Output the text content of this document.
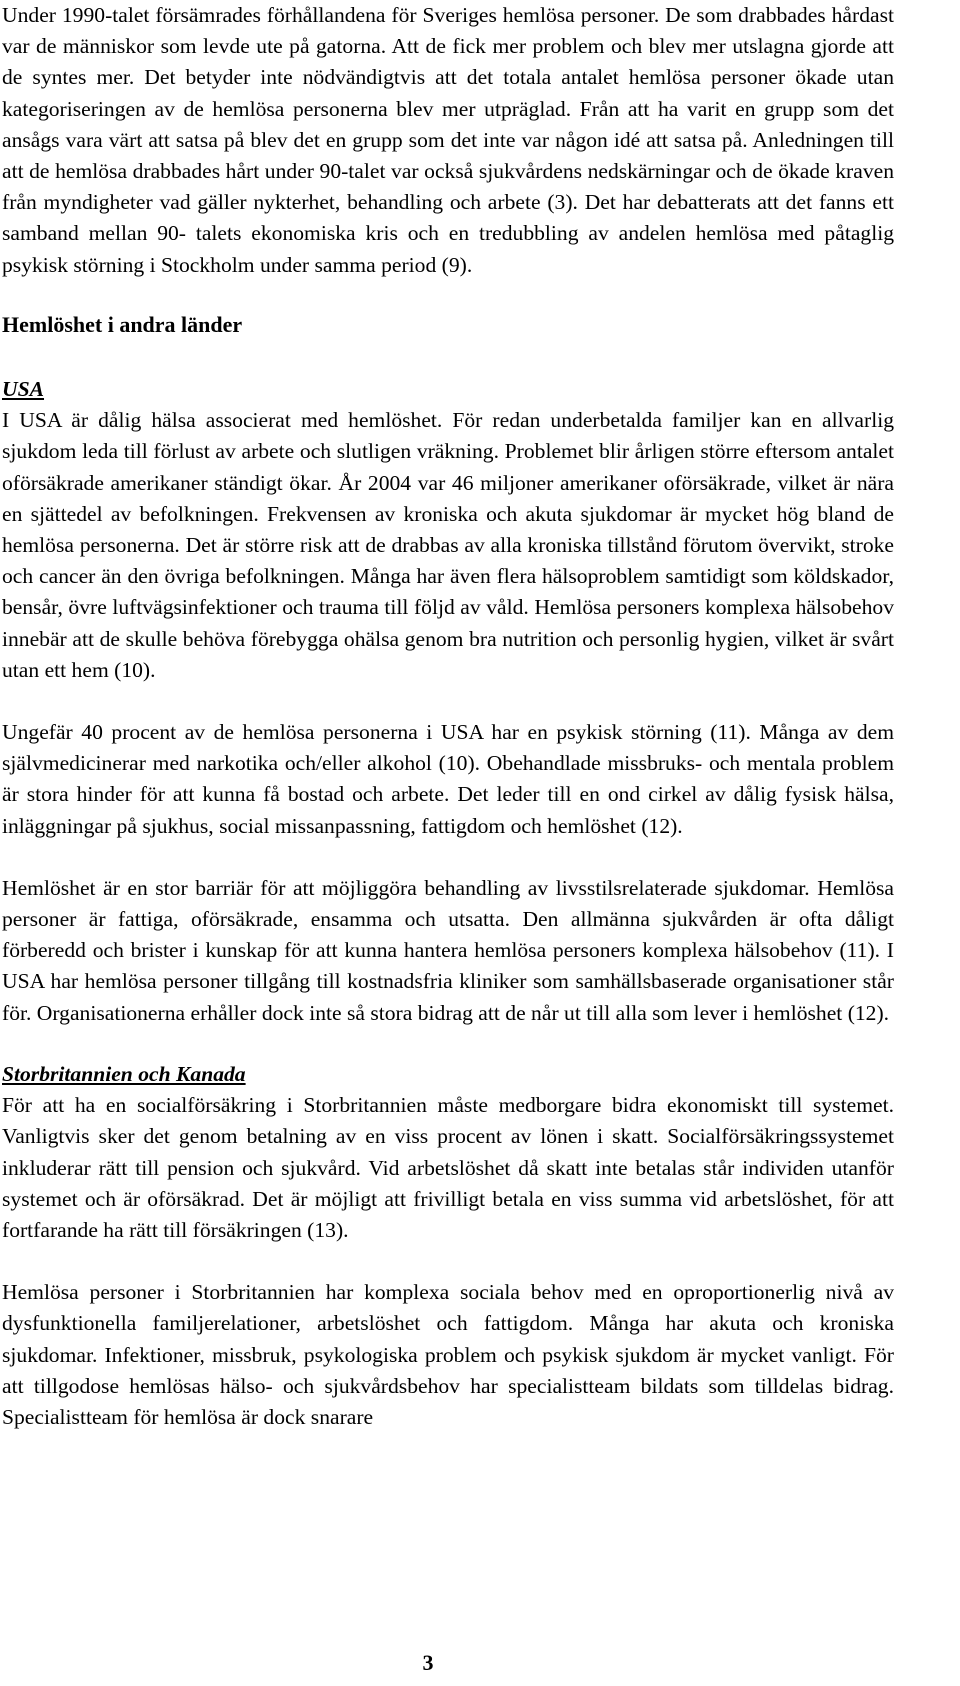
Under 1990-talet försämrades förhållandena för Sveriges hemlösa personer. De som drabbades hårdast var de människor som levde ute på gatorna. Att de fick mer problem och blev mer utslagna gjorde att de syntes mer. Det betyder inte nödvändigtvis att det totala antalet hemlösa personer ökade utan kategoriseringen av de hemlösa personerna blev mer utpräglad. Från att ha varit en grupp som det ansågs vara värt att satsa på blev det en grupp som det inte var någon idé att satsa på. Anledningen till att de hemlösa drabbades hårt under 90-talet var också sjukvårdens nedskärningar och de ökade kraven från myndigheter vad gäller nykterhet, behandling och arbete (3). Det har debatterats att det fanns ett samband mellan 90- talets ekonomiska kris och en tredubbling av andelen hemlösa med påtaglig psykisk störning i Stockholm under samma period (9).

Hemlöshet i andra länder
USA

I USA är dålig hälsa associerat med hemlöshet. För redan underbetalda familjer kan en allvarlig sjukdom leda till förlust av arbete och slutligen vräkning. Problemet blir årligen större eftersom antalet oförsäkrade amerikaner ständigt ökar. År 2004 var 46 miljoner amerikaner oförsäkrade, vilket är nära en sjättedel av befolkningen. Frekvensen av kroniska och akuta sjukdomar är mycket hög bland de hemlösa personerna. Det är större risk att de drabbas av alla kroniska tillstånd förutom övervikt, stroke och cancer än den övriga befolkningen. Många har även flera hälsoproblem samtidigt som köldskador, bensår, övre luftvägsinfektioner och trauma till följd av våld. Hemlösa personers komplexa hälsobehov innebär att de skulle behöva förebygga ohälsa genom bra nutrition och personlig hygien, vilket är svårt utan ett hem (10).

Ungefär 40 procent av de hemlösa personerna i USA har en psykisk störning (11). Många av dem självmedicinerar med narkotika och/eller alkohol (10). Obehandlade missbruks- och mentala problem är stora hinder för att kunna få bostad och arbete. Det leder till en ond cirkel av dålig fysisk hälsa, inläggningar på sjukhus, social missanpassning, fattigdom och hemlöshet (12).

Hemlöshet är en stor barriär för att möjliggöra behandling av livsstilsrelaterade sjukdomar. Hemlösa personer är fattiga, oförsäkrade, ensamma och utsatta. Den allmänna sjukvården är ofta dåligt förberedd och brister i kunskap för att kunna hantera hemlösa personers komplexa hälsobehov (11). I USA har hemlösa personer tillgång till kostnadsfria kliniker som samhällsbaserade organisationer står för. Organisationerna erhåller dock inte så stora bidrag att de når ut till alla som lever i hemlöshet (12).

Storbritannien och Kanada

För att ha en socialförsäkring i Storbritannien måste medborgare bidra ekonomiskt till systemet. Vanligtvis sker det genom betalning av en viss procent av lönen i skatt. Socialförsäkringssystemet inkluderar rätt till pension och sjukvård. Vid arbetslöshet då skatt inte betalas står individen utanför systemet och är oförsäkrad. Det är möjligt att frivilligt betala en viss summa vid arbetslöshet, för att fortfarande ha rätt till försäkringen (13).

Hemlösa personer i Storbritannien har komplexa sociala behov med en oproportionerlig nivå av dysfunktionella familjerelationer, arbetslöshet och fattigdom. Många har akuta och kroniska sjukdomar. Infektioner, missbruk, psykologiska problem och psykisk sjukdom är mycket vanligt. För att tillgodose hemlösas hälso- och sjukvårdsbehov har specialistteam bildats som tilldelas bidrag. Specialistteam för hemlösa är dock snarare

3
